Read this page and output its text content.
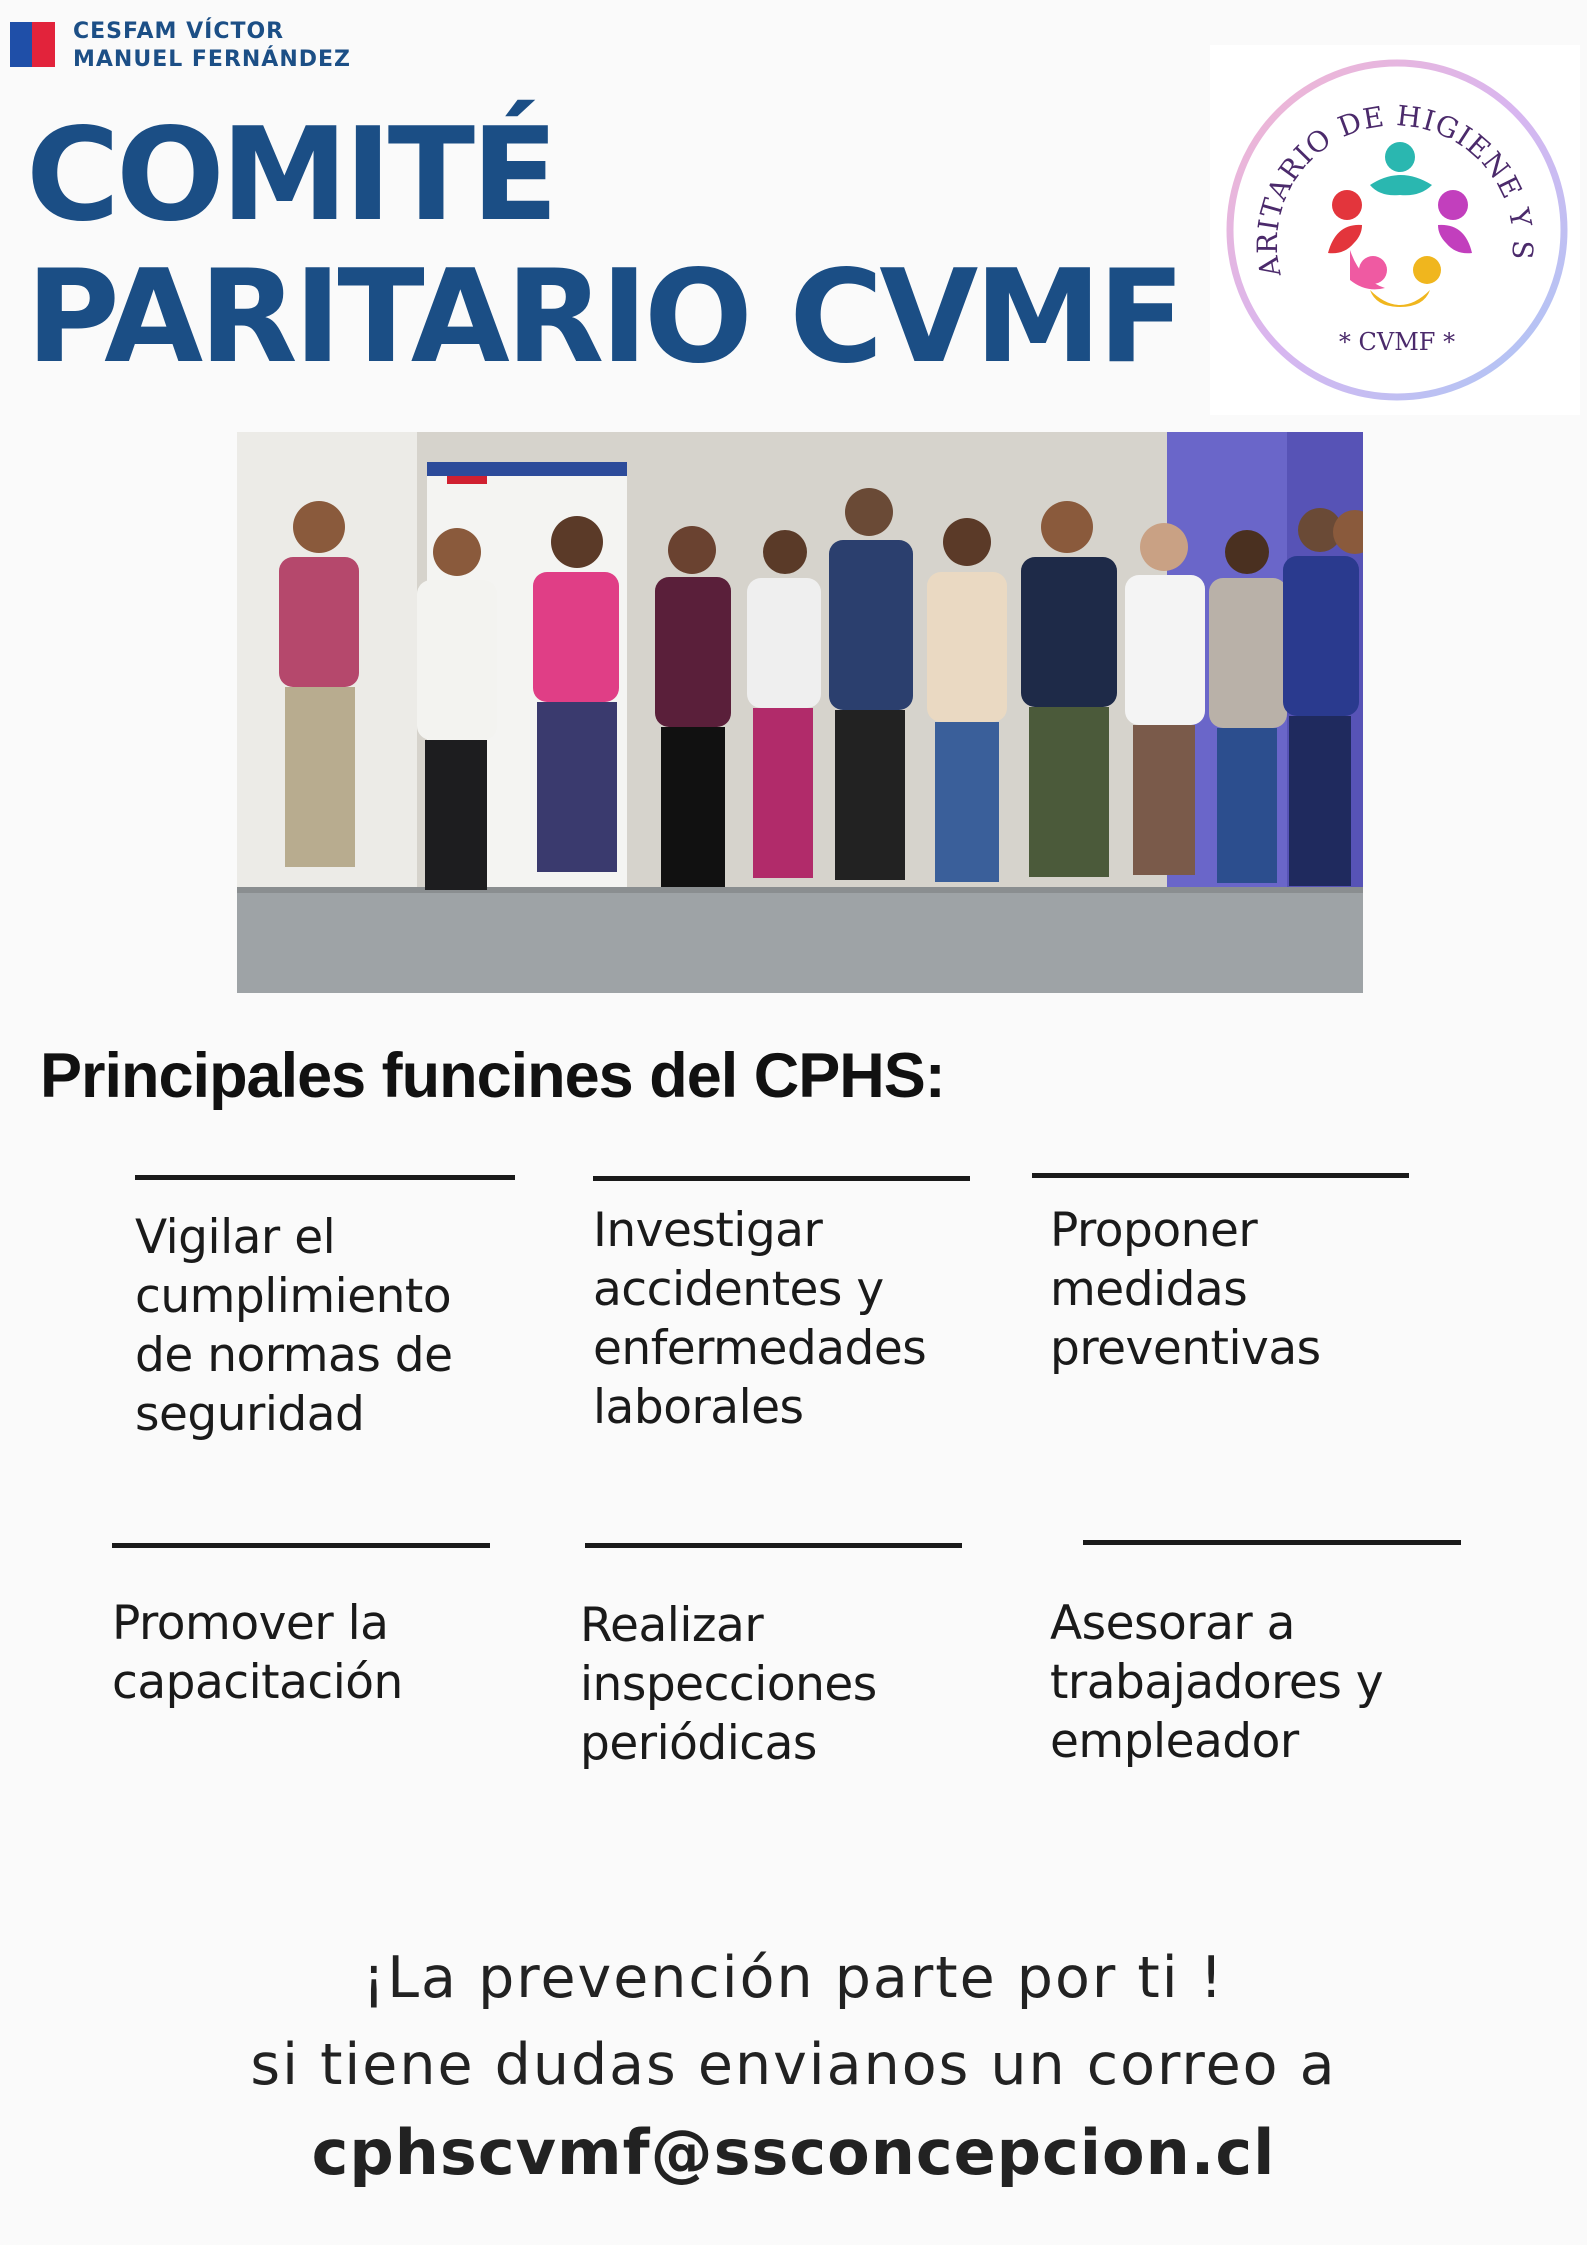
CESFAM VÍCTOR
MANUEL FERNÁNDEZ
COMITÉ
PARITARIO CVMF	ARITARIO DE HIGIENE Y S
* CVMF *
Principales funcines del CPHS:
Vigilar el
cumplimiento
de normas de
seguridad
Investigar
accidentes y
enfermedades
laborales
Proponer
medidas
preventivas
Promover la
capacitación
Realizar
inspecciones
periódicas
Asesorar a
trabajadores y
empleador
¡La prevención parte por ti !
si tiene dudas envianos un correo a
cphscvmf@ssconcepcion.cl
